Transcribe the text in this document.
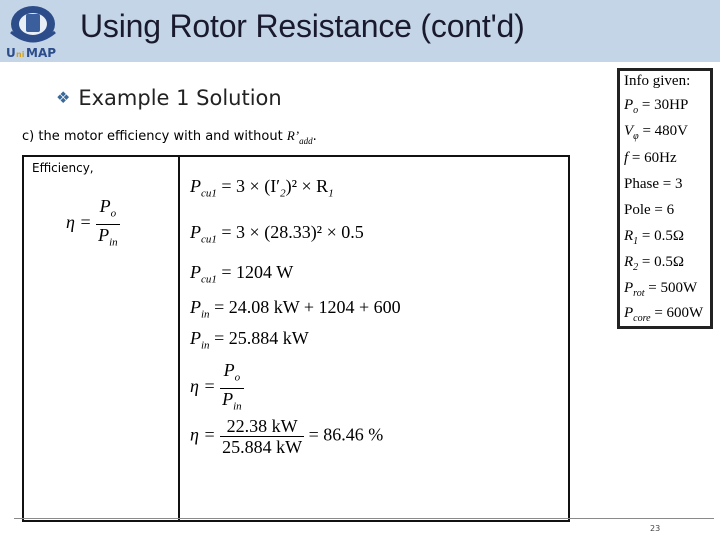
U ni MAP
Using Rotor Resistance (cont'd)
❖ Example 1 Solution
c) the motor efficiency with and without $R’_{add}$.
Efficiency,
$\eta = \frac{P_o}{P_{in}}$
$P_{cu1} = 3 \times (I'_2)^2 \times R_1$
$P_{cu1} = 3 \times (28.33)^2 \times 0.5$
$P_{cu1} = 1204$ W
$P_{in} = 24.08$ kW + 1204 + 600
$P_{in} = 25.884$ kW
$\eta = \frac{P_o}{P_{in}}$
$\eta = \frac{22.38 kW}{25.884 kW} = 86.46$ %
Info given:
$P_o = 30HP$
$V_\varphi = 480V$
f = 60Hz
Phase = 3
Pole = 6
$R_1 = 0.5\Omega$
$R_2 = 0.5\Omega$
$P_{rot} = 500W$
$P_{core} = 600W$
23
